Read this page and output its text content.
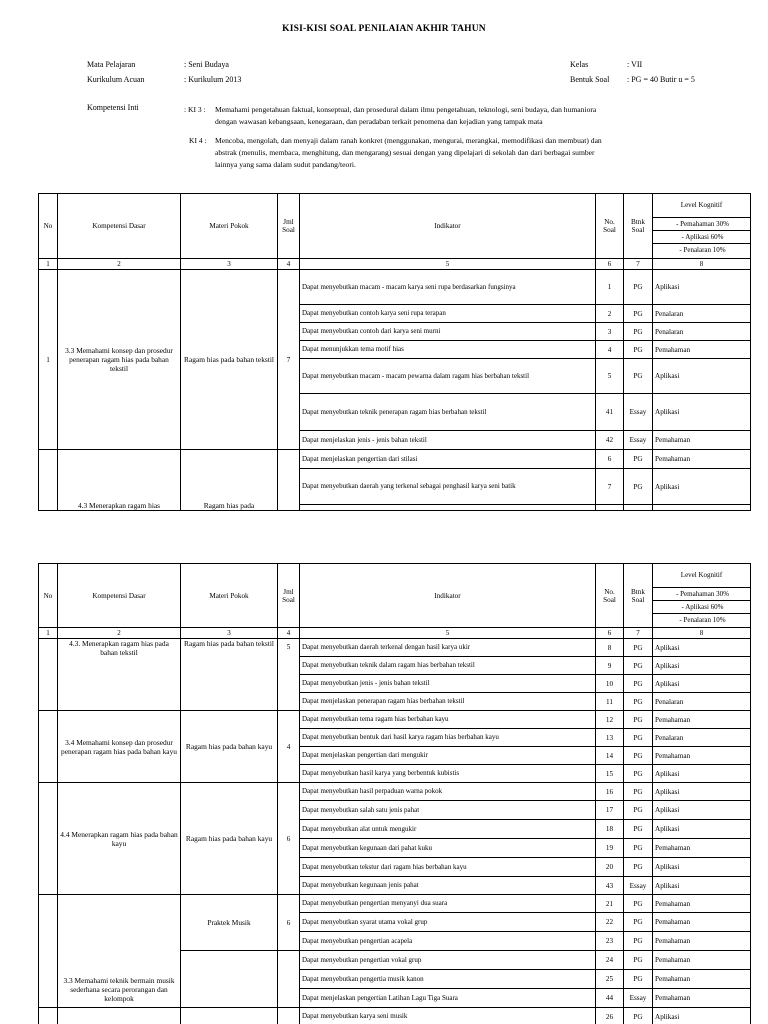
KISI-KISI SOAL PENILAIAN AKHIR TAHUN
Mata Pelajaran	: Seni Budaya
Kurikulum Acuan	: Kurikulum 2013
Kelas	: VII
Bentuk Soal : PG = 40 Butir u = 5
Kompetensi Inti	: KI 3 : Memahami pengetahuan faktual, konseptual, dan prosedural dalam ilmu pengetahuan, teknologi, seni budaya, dan humaniora
dengan wawasan kebangsaan, kenegaraan, dan peradaban terkait penomena dan kejadian yang tampak mata
KI 4 : Mencoba, mengolah, dan menyaji dalam ranah konkret (menggunakan, mengurai, merangkai, memodifikasi dan membuat) dan
abstrak (menulis, membaca, menghitung, dan mengarang) sesuai dengan yang dipelajari di sekolah dan dari berbagai sumber
lainnya yang sama dalam sudut pandang/teori.
No	Kompetensi Dasar	Materi Pokok	Jml Soal	Indikator	No. Soal	Btnk Soal	Level Kognitif
- Pemahaman 30%
- Aplikasi 60%
- Penalaran 10%

1	2	3	4	5	6	7	8
1	3.3 Memahami konsep dan prosedur penerapan ragam hias pada bahan tekstil	Ragam hias pada bahan tekstil	7	Dapat menyebutkan macam - macam karya seni rupa berdasarkan fungsinya	1	PG	Aplikasi
				Dapat menyebutkan contoh karya seni rupa terapan	2	PG	Penalaran
				Dapat menyebutkan contoh dari karya seni murni	3	PG	Penalaran
				Dapat menunjukkan tema motif hias	4	PG	Pemahaman
				Dapat menyebutkan macam - macam pewarna dalam ragam hias berbahan tekstil	5	PG	Aplikasi
				Dapat menyebutkan teknik penerapan ragam hias berbahan tekstil	41	Essay	Aplikasi
				Dapat menjelaskan jenis - jenis bahan tekstil	42	Essay	Pemahaman
	4.3 Menerapkan ragam hias	Ragam hias pada		Dapat menjelaskan pengertian dari stilasi	6	PG	Pemahaman
				Dapat menyebutkan daerah yang terkenal sebagai penghasil karya seni batik	7	PG	Aplikasi

No	Kompetensi Dasar	Materi Pokok	Jml Soal	Indikator	No. Soal	Btnk Soal	Level Kognitif
- Pemahaman 30%
- Aplikasi 60%
- Penalaran 10%

1	2	3	4	5	6	7	8
	4.3. Menerapkan ragam hias pada bahan tekstil	Ragam hias pada bahan tekstil	5	Dapat menyebutkan daerah terkenal dengan hasil karya ukir	8	PG	Aplikasi
				Dapat menyebutkan teknik dalam ragam hias berbahan tekstil	9	PG	Aplikasi
				Dapat menyebutkan jenis - jenis bahan tekstil	10	PG	Aplikasi
				Dapat menjelaskan penerapan ragam hias berbahan tekstil	11	PG	Penalaran
	3.4 Memahami konsep dan prosedur penerapan ragam hias pada bahan kayu	Ragam hias pada bahan kayu	4	Dapat menyebutkan tema ragam hias berbahan kayu	12	PG	Pemahaman
				Dapat menyebutkan bentuk dari hasil karya ragam hias berbahan kayu	13	PG	Penalaran
				Dapat menjelaskan pengertian dari mengukir	14	PG	Pemahaman
				Dapat menyebutkan hasil karya yang berbentuk kubistis	15	PG	Aplikasi
	4.4 Menerapkan ragam hias pada bahan kayu	Ragam hias pada bahan kayu	6	Dapat menyebutkan hasil perpaduan warna pokok	16	PG	Aplikasi
				Dapat menyebutkan salah satu jenis pahat	17	PG	Aplikasi
				Dapat menyebutkan alat untuk mengukir	18	PG	Aplikasi
				Dapat menyebutkan kegunaan dari pahat kuku	19	PG	Pemahaman
				Dapat menyebutkan tekstur dari ragam hias berbahan kayu	20	PG	Aplikasi
				Dapat menyebutkan kegunaan jenis pahat	43	Essay	Aplikasi
	3.3 Memahami teknik bermain musik sederhana secara perorangan dan kelompok	Praktek Musik	6	Dapat menyebutkan pengertian menyanyi dua suara	21	PG	Pemahaman
				Dapat menyebutkan syarat utama vokal grup	22	PG	Pemahaman
				Dapat menyebutkan pengertian acapela	23	PG	Pemahaman
				Dapat menyebutkan pengertian vokal grup	24	PG	Pemahaman
				Dapat menyebutkan pengertia musik kanon	25	PG	Pemahaman
				Dapat menjelaskan pengertian Latihan Lagu Tiga Suara	44	Essay	Pemahaman
				Dapat menyebutkan karya seni musik	26	PG	Aplikasi
